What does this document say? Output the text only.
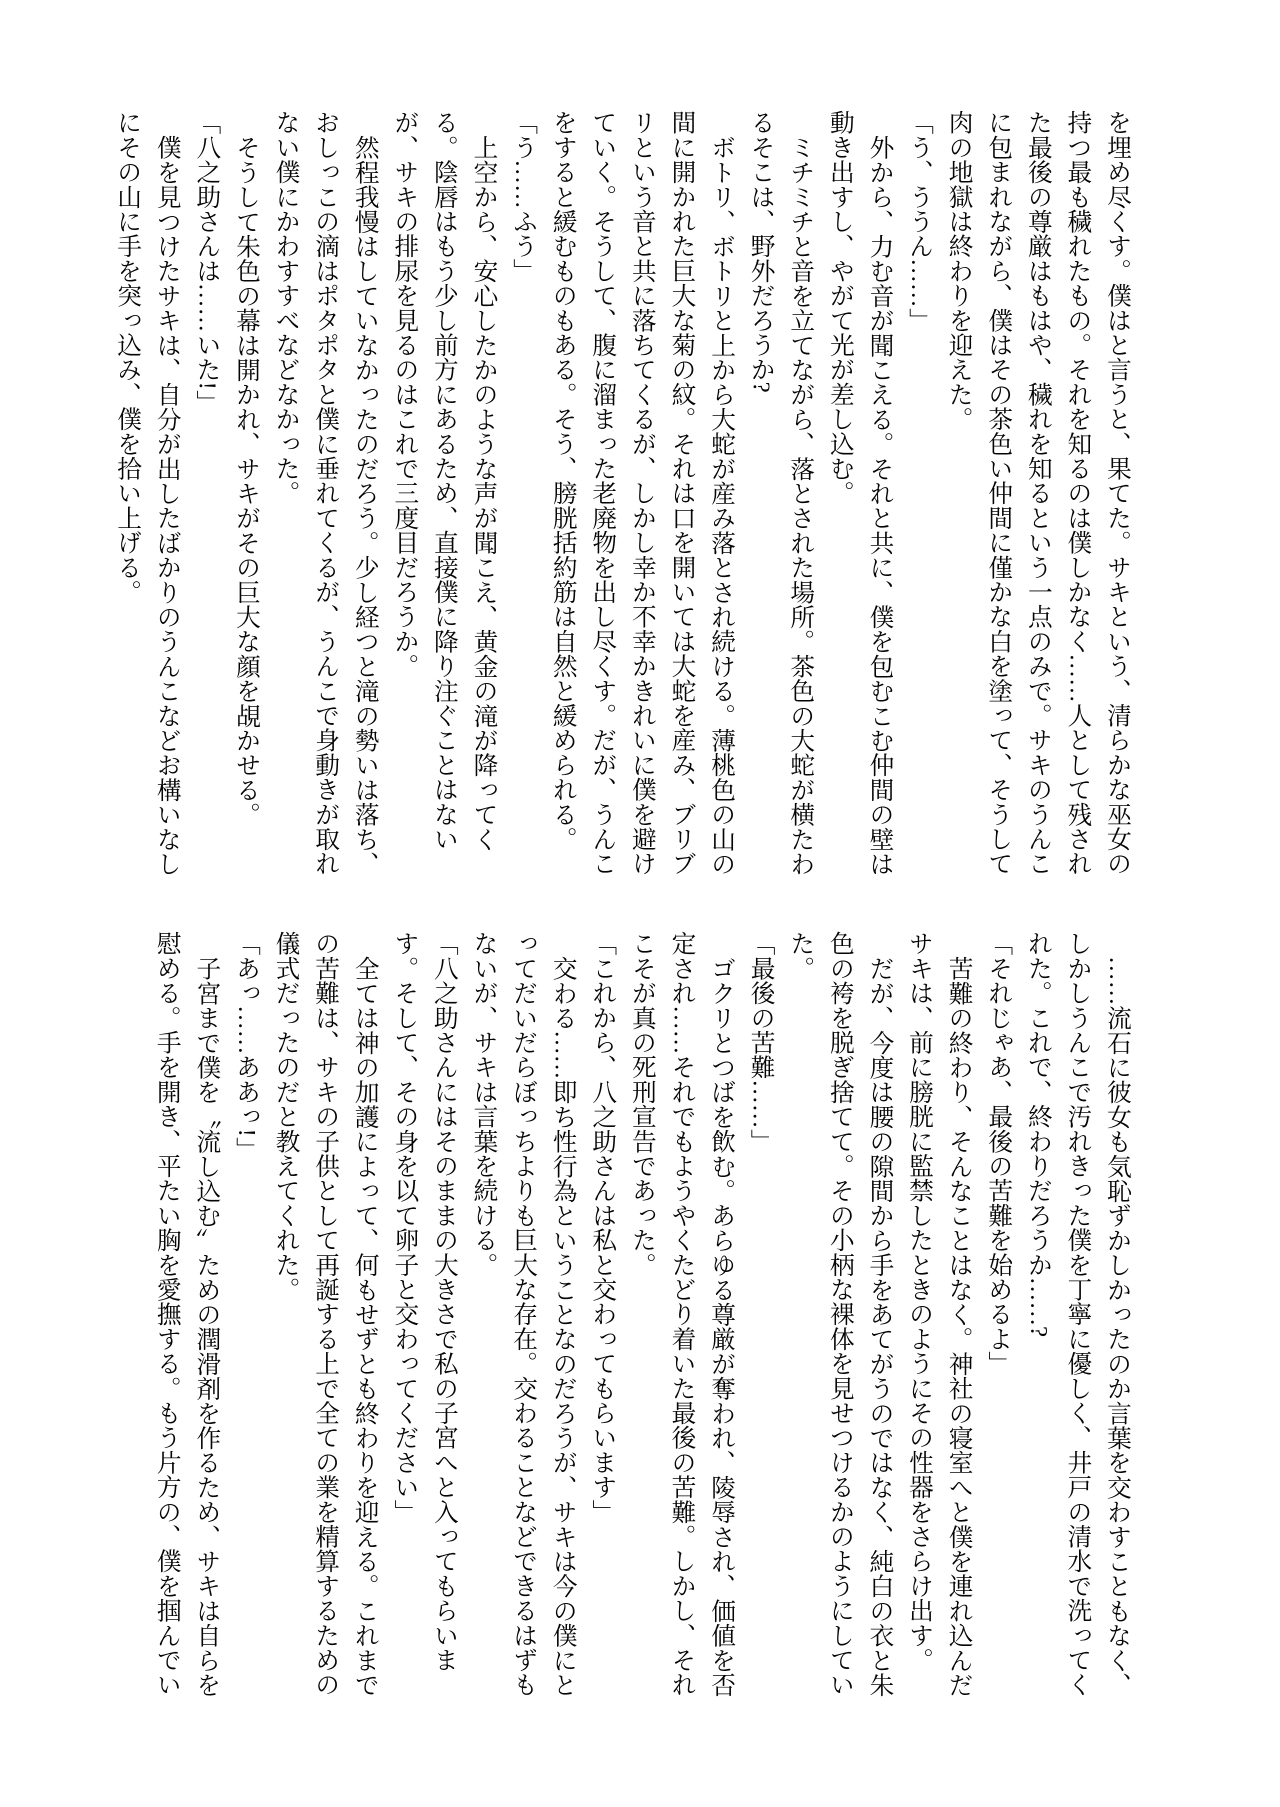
を埋め尽くす。僕はと言うと、果てた。サキという、清らかな巫女の持つ最も穢れたもの。それを知るのは僕しかなく……人として残された最後の尊厳はもはや、穢れを知るという一点のみで。サキのうんこに包まれながら、僕はその茶色い仲間に僅かな白を塗って、そうして肉の地獄は終わりを迎えた。

「う、ううん……」

外から、力む音が聞こえる。それと共に、僕を包むこむ仲間の壁は動き出すし、やがて光が差し込む。

ミチミチと音を立てながら、落とされた場所。茶色の大蛇が横たわるそこは、野外だろうか?

ボトリ、ボトリと上から大蛇が産み落とされ続ける。薄桃色の山の間に開かれた巨大な菊の紋。それは口を開いては大蛇を産み、ブリブリという音と共に落ちてくるが、しかし幸か不幸かきれいに僕を避けていく。そうして、腹に溜まった老廃物を出し尽くす。だが、うんこをすると緩むものもある。そう、膀胱括約筋は自然と緩められる。

「う……ふう」

上空から、安心したかのような声が聞こえ、黄金の滝が降ってくる。陰唇はもう少し前方にあるため、直接僕に降り注ぐことはないが、サキの排尿を見るのはこれで三度目だろうか。

然程我慢はしていなかったのだろう。少し経つと滝の勢いは落ち、おしっこの滴はポタポタと僕に垂れてくるが、うんこで身動きが取れない僕にかわすすべなどなかった。

そうして朱色の幕は開かれ、サキがその巨大な顔を覘かせる。

「八之助さんは……いた!」

僕を見つけたサキは、自分が出したばかりのうんこなどお構いなしにその山に手を突っ込み、僕を拾い上げる。

……流石に彼女も気恥ずかしかったのか言葉を交わすこともなく、しかしうんこで汚れきった僕を丁寧に優しく、井戸の清水で洗ってくれた。これで、終わりだろうか……?

「それじゃあ、最後の苦難を始めるよ」

苦難の終わり、そんなことはなく。神社の寝室へと僕を連れ込んだサキは、前に膀胱に監禁したときのようにその性器をさらけ出す。

だが、今度は腰の隙間から手をあてがうのではなく、純白の衣と朱色の袴を脱ぎ捨てて。その小柄な裸体を見せつけるかのようにしていた。

「最後の苦難……」

ゴクリとつばを飲む。あらゆる尊厳が奪われ、陵辱され、価値を否定され……それでもようやくたどり着いた最後の苦難。しかし、それこそが真の死刑宣告であった。

「これから、八之助さんは私と交わってもらいます」

交わる……即ち性行為ということなのだろうが、サキは今の僕にとってだいだらぼっちよりも巨大な存在。交わることなどできるはずもないが、サキは言葉を続ける。

「八之助さんにはそのままの大きさで私の子宮へと入ってもらいます。そして、その身を以て卵子と交わってください」

全ては神の加護によって、何もせずとも終わりを迎える。これまでの苦難は、サキの子供として再誕する上で全ての業を精算するための儀式だったのだと教えてくれた。

「あっ……ああっ!」

子宮まで僕を〝流し込む〟ための潤滑剤を作るため、サキは自らを慰める。手を開き、平たい胸を愛撫する。もう片方の、僕を掴んでい
